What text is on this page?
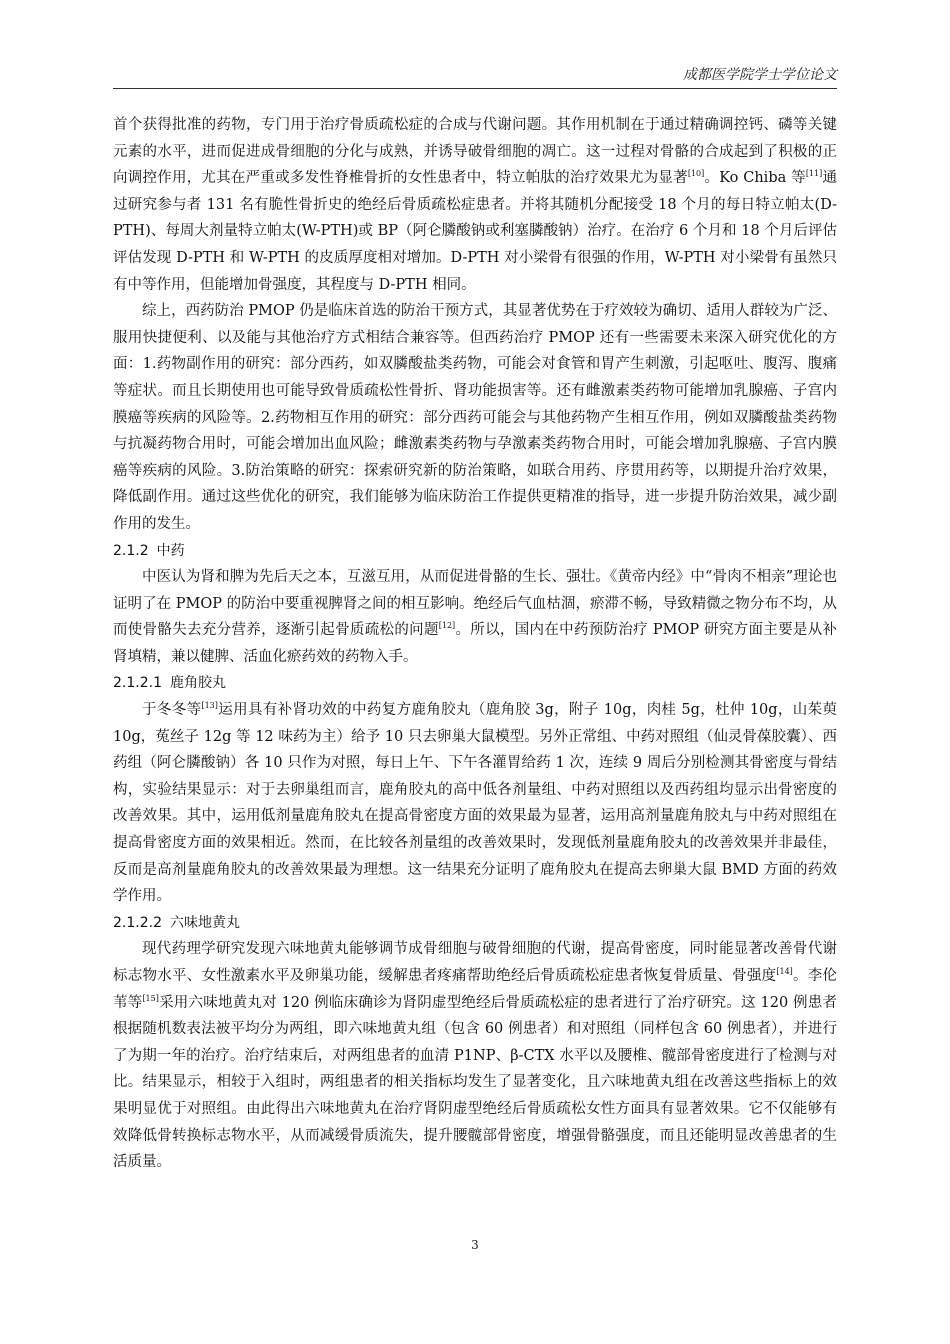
成都医学院学士学位论文
首个获得批准的药物，专门用于治疗骨质疏松症的合成与代谢问题。其作用机制在于通过精确调控钙、磷等关键元素的水平，进而促进成骨细胞的分化与成熟，并诱导破骨细胞的凋亡。这一过程对骨骼的合成起到了积极的正向调控作用，尤其在严重或多发性脊椎骨折的女性患者中，特立帕肽的治疗效果尤为显著[10]。Ko Chiba 等[11]通过研究参与者 131 名有脆性骨折史的绝经后骨质疏松症患者。并将其随机分配接受 18 个月的每日特立帕太(D-PTH)、每周大剂量特立帕太(W-PTH)或 BP（阿仑膦酸钠或利塞膦酸钠）治疗。在治疗 6 个月和 18 个月后评估评估发现 D-PTH 和 W-PTH 的皮质厚度相对增加。D-PTH 对小梁骨有很强的作用，W-PTH 对小梁骨有虽然只有中等作用，但能增加骨强度，其程度与 D-PTH 相同。
综上，西药防治 PMOP 仍是临床首选的防治干预方式，其显著优势在于疗效较为确切、适用人群较为广泛、服用快捷便利、以及能与其他治疗方式相结合兼容等。但西药治疗 PMOP 还有一些需要未来深入研究优化的方面：1.药物副作用的研究：部分西药，如双膦酸盐类药物，可能会对食管和胃产生刺激，引起呕吐、腹泻、腹痛等症状。而且长期使用也可能导致骨质疏松性骨折、肾功能损害等。还有雌激素类药物可能增加乳腺癌、子宫内膜癌等疾病的风险等。2.药物相互作用的研究：部分西药可能会与其他药物产生相互作用，例如双膦酸盐类药物与抗凝药物合用时，可能会增加出血风险；雌激素类药物与孕激素类药物合用时，可能会增加乳腺癌、子宫内膜癌等疾病的风险。3.防治策略的研究：探索研究新的防治策略，如联合用药、序贯用药等，以期提升治疗效果，降低副作用。通过这些优化的研究，我们能够为临床防治工作提供更精准的指导，进一步提升防治效果，减少副作用的发生。
2.1.2 中药
中医认为肾和脾为先后天之本，互滋互用，从而促进骨骼的生长、强壮。《黄帝内经》中“骨肉不相亲”理论也证明了在 PMOP 的防治中要重视脾肾之间的相互影响。绝经后气血枯涸，瘀滞不畅，导致精微之物分布不均，从而使骨骼失去充分营养，逐渐引起骨质疏松的问题[12]。所以，国内在中药预防治疗 PMOP 研究方面主要是从补肾填精，兼以健脾、活血化瘀药效的药物入手。
2.1.2.1 鹿角胶丸
于冬冬等[13]运用具有补肾功效的中药复方鹿角胶丸（鹿角胶 3g，附子 10g，肉桂 5g，杜仲 10g，山茱萸 10g，菟丝子 12g 等 12 味药为主）给予 10 只去卵巢大鼠模型。另外正常组、中药对照组（仙灵骨葆胶囊）、西药组（阿仑膦酸钠）各 10 只作为对照，每日上午、下午各灌胃给药 1 次，连续 9 周后分别检测其骨密度与骨结构，实验结果显示：对于去卵巢组而言，鹿角胶丸的高中低各剂量组、中药对照组以及西药组均显示出骨密度的改善效果。其中，运用低剂量鹿角胶丸在提高骨密度方面的效果最为显著，运用高剂量鹿角胶丸与中药对照组在提高骨密度方面的效果相近。然而，在比较各剂量组的改善效果时，发现低剂量鹿角胶丸的改善效果并非最佳，反而是高剂量鹿角胶丸的改善效果最为理想。这一结果充分证明了鹿角胶丸在提高去卵巢大鼠 BMD 方面的药效学作用。
2.1.2.2 六味地黄丸
现代药理学研究发现六味地黄丸能够调节成骨细胞与破骨细胞的代谢，提高骨密度，同时能显著改善骨代谢标志物水平、女性激素水平及卵巢功能，缓解患者疼痛帮助绝经后骨质疏松症患者恢复骨质量、骨强度[14]。李伦苇等[15]采用六味地黄丸对 120 例临床确诊为肾阴虚型绝经后骨质疏松症的患者进行了治疗研究。这 120 例患者根据随机数表法被平均分为两组，即六味地黄丸组（包含 60 例患者）和对照组（同样包含 60 例患者），并进行了为期一年的治疗。治疗结束后，对两组患者的血清 P1NP、β-CTX 水平以及腰椎、髋部骨密度进行了检测与对比。结果显示，相较于入组时，两组患者的相关指标均发生了显著变化，且六味地黄丸组在改善这些指标上的效果明显优于对照组。由此得出六味地黄丸在治疗肾阴虚型绝经后骨质疏松女性方面具有显著效果。它不仅能够有效降低骨转换标志物水平，从而减缓骨质流失，提升腰髋部骨密度，增强骨骼强度，而且还能明显改善患者的生活质量。
3
